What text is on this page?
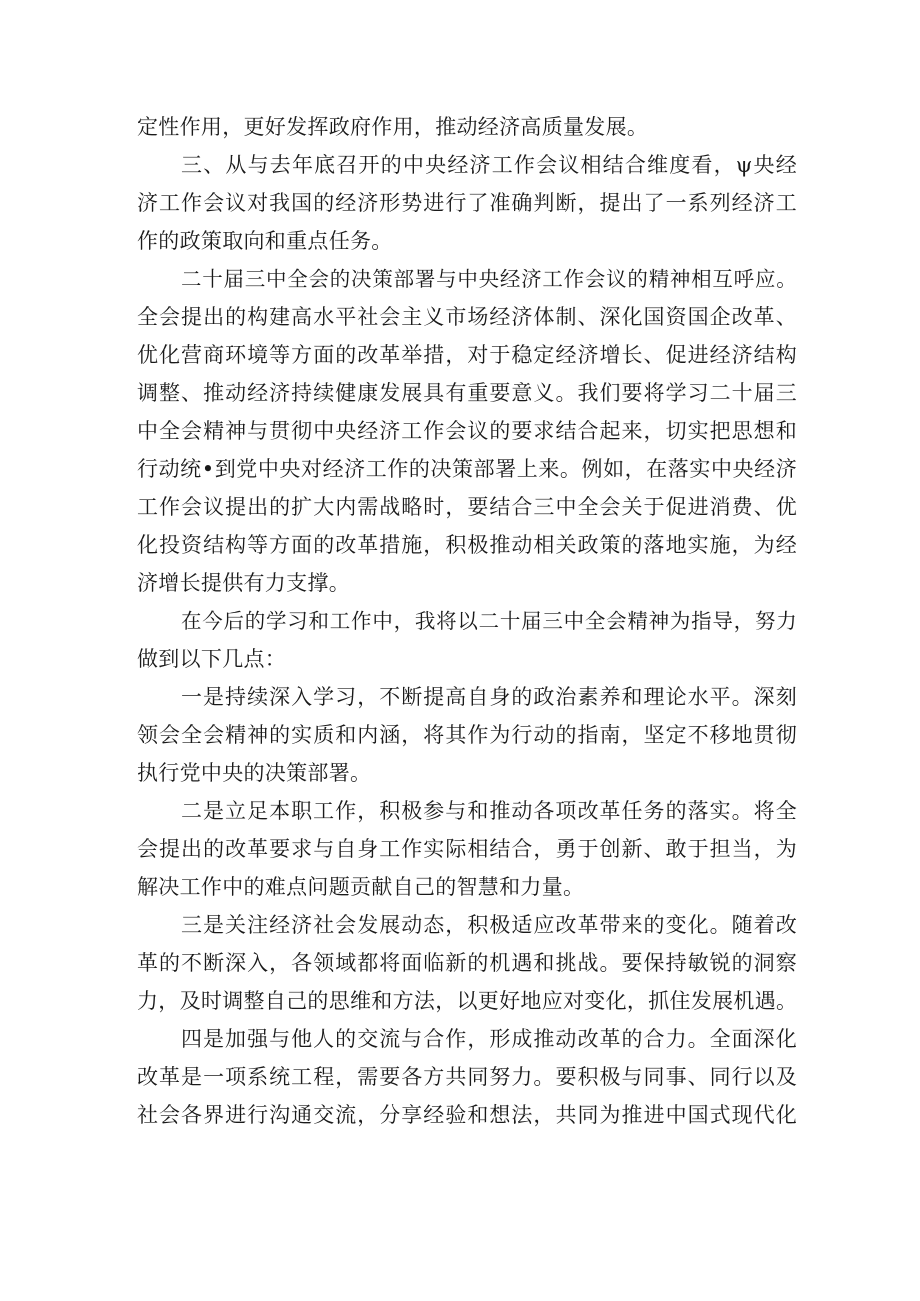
定性作用，更好发挥政府作用，推动经济高质量发展。
三、从与去年底召开的中央经济工作会议相结合维度看，ψ央经
济工作会议对我国的经济形势进行了准确判断，提出了一系列经济工
作的政策取向和重点任务。
二十届三中全会的决策部署与中央经济工作会议的精神相互呼应。
全会提出的构建高水平社会主义市场经济体制、深化国资国企改革、
优化营商环境等方面的改革举措，对于稳定经济增长、促进经济结构
调整、推动经济持续健康发展具有重要意义。我们要将学习二十届三
中全会精神与贯彻中央经济工作会议的要求结合起来，切实把思想和
行动统•到党中央对经济工作的决策部署上来。例如，在落实中央经济
工作会议提出的扩大内需战略时，要结合三中全会关于促进消费、优
化投资结构等方面的改革措施，积极推动相关政策的落地实施，为经
济增长提供有力支撑。
在今后的学习和工作中，我将以二十届三中全会精神为指导，努力
做到以下几点：
一是持续深入学习，不断提高自身的政治素养和理论水平。深刻
领会全会精神的实质和内涵，将其作为行动的指南，坚定不移地贯彻
执行党中央的决策部署。
二是立足本职工作，积极参与和推动各项改革任务的落实。将全
会提出的改革要求与自身工作实际相结合，勇于创新、敢于担当，为
解决工作中的难点问题贡献自己的智慧和力量。
三是关注经济社会发展动态，积极适应改革带来的变化。随着改
革的不断深入，各领域都将面临新的机遇和挑战。要保持敏锐的洞察
力，及时调整自己的思维和方法，以更好地应对变化，抓住发展机遇。
四是加强与他人的交流与合作，形成推动改革的合力。全面深化
改革是一项系统工程，需要各方共同努力。要积极与同事、同行以及
社会各界进行沟通交流，分享经验和想法，共同为推进中国式现代化
